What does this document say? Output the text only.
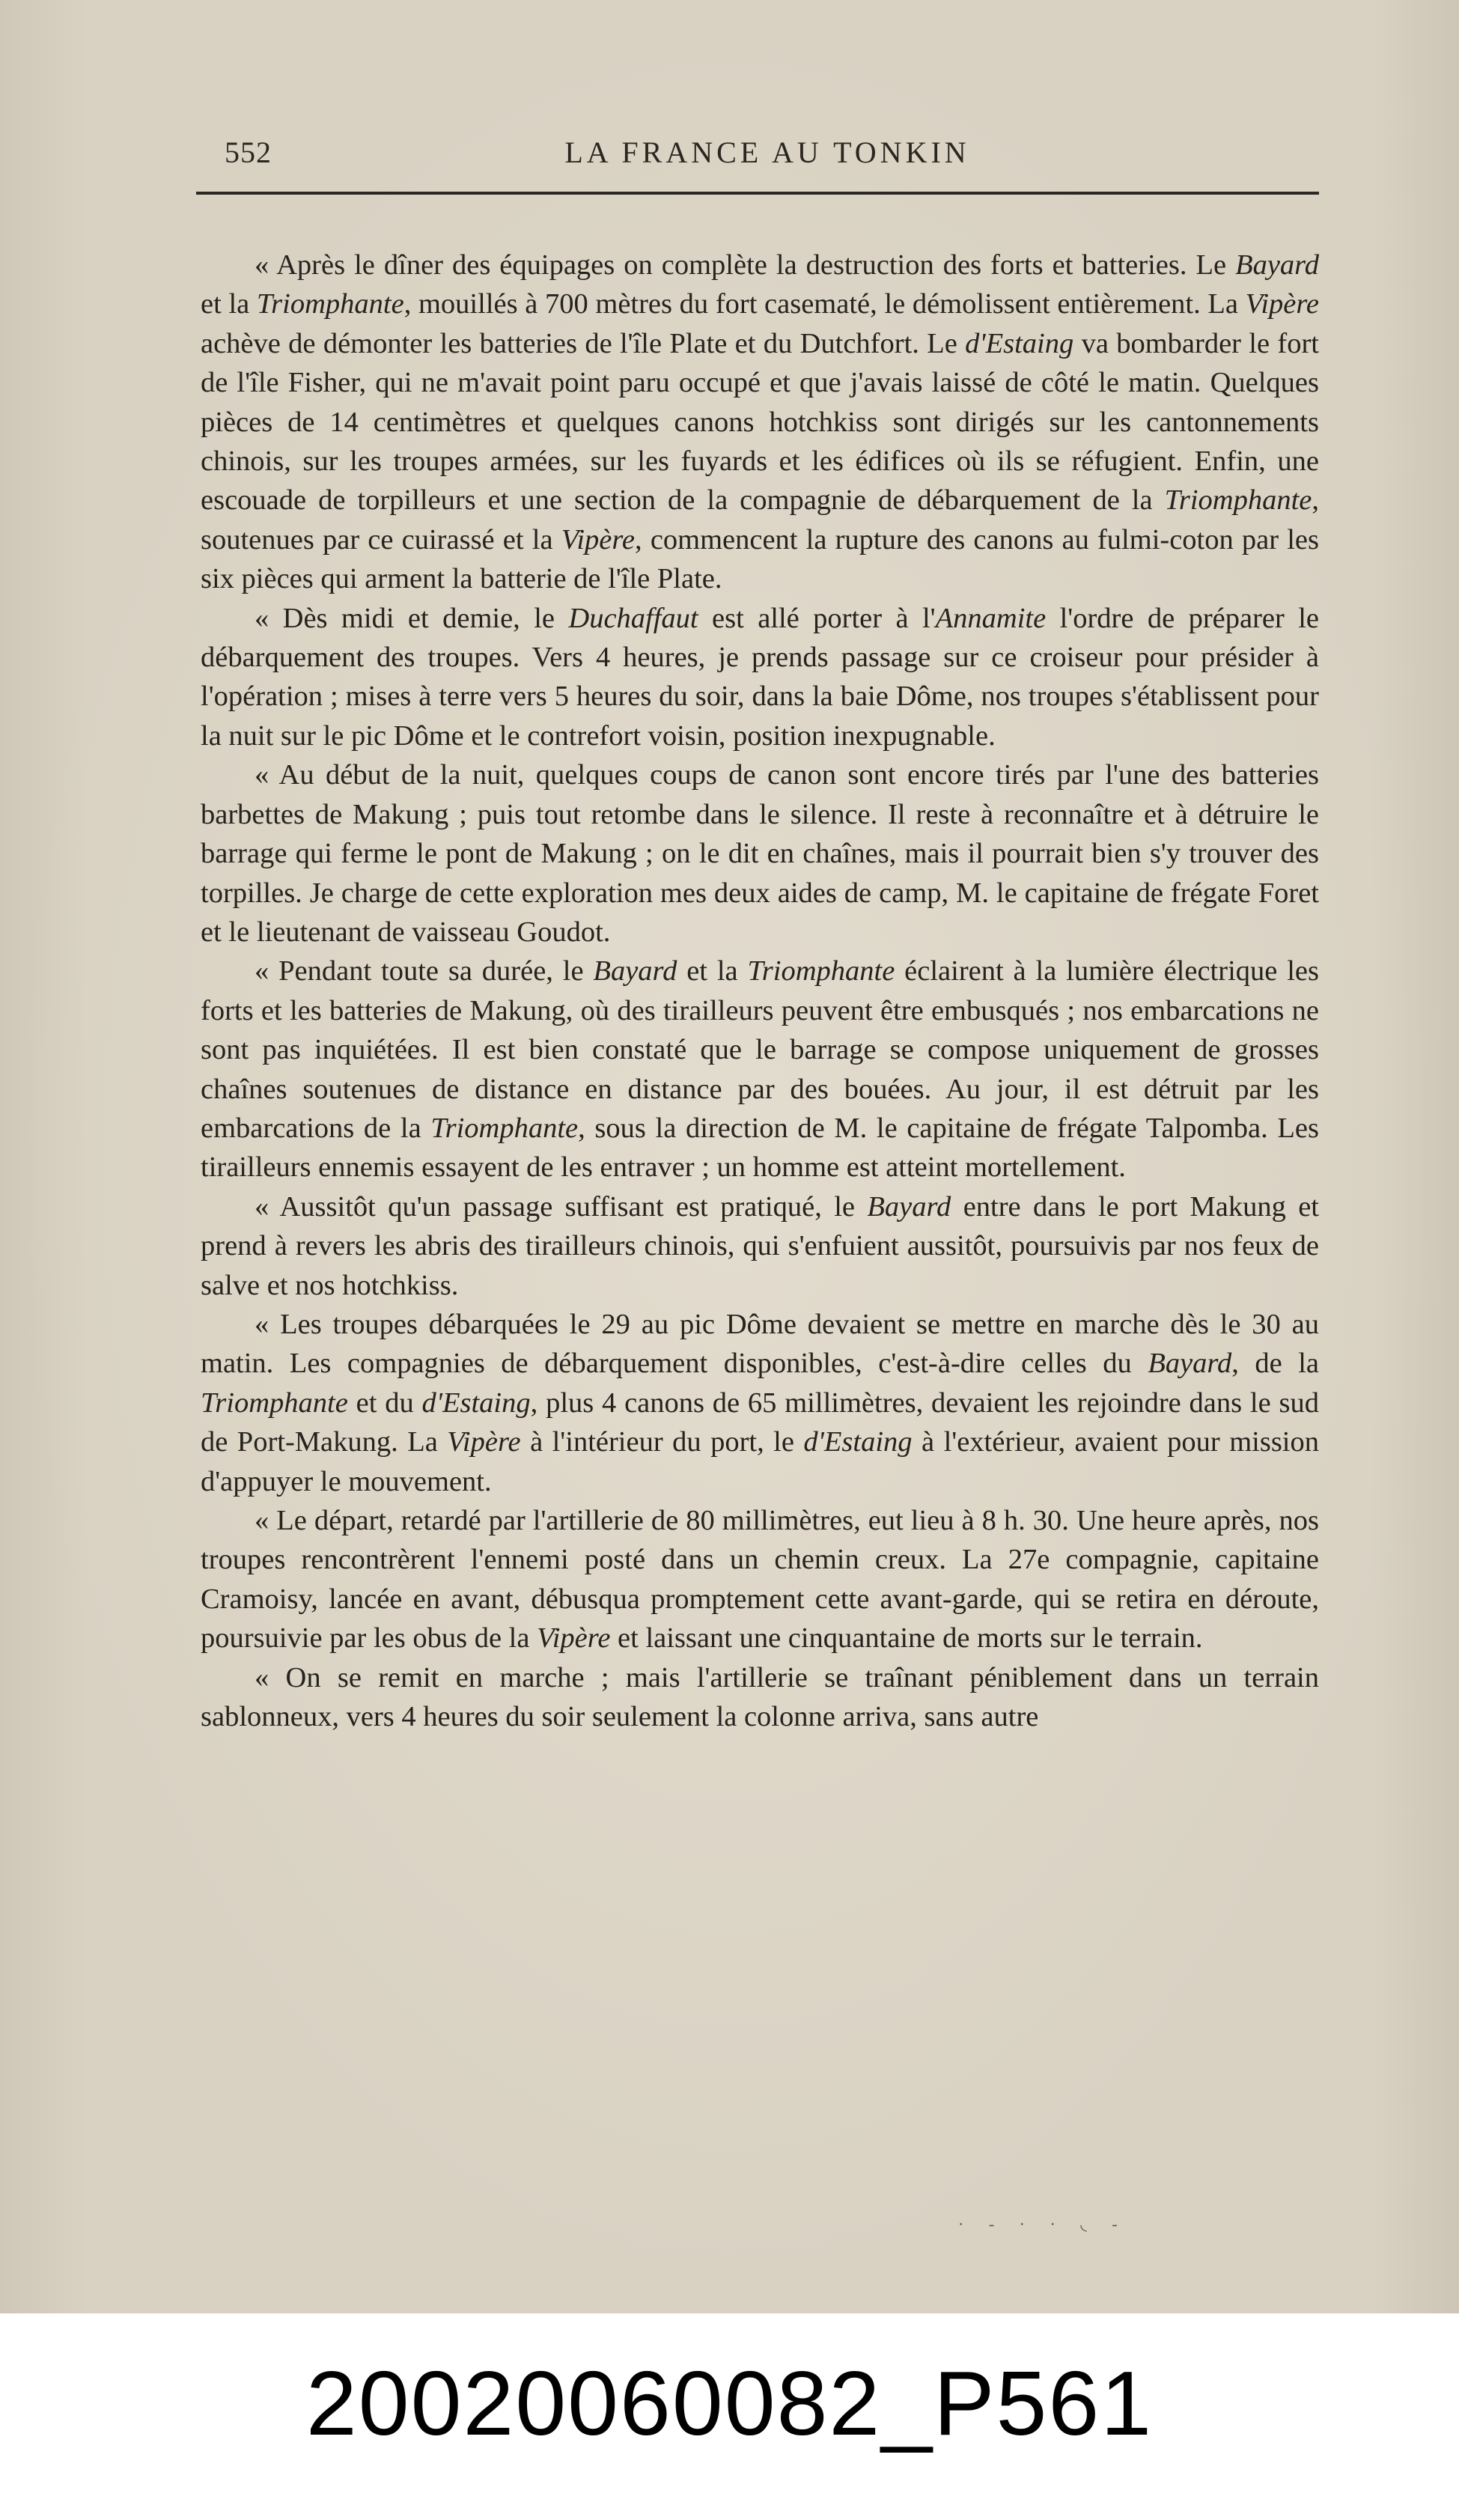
552	LA FRANCE AU TONKIN

« Après le dîner des équipages on complète la destruction des forts et batteries. Le Bayard et la Triomphante, mouillés à 700 mètres du fort casematé, le démolissent entièrement. La Vipère achève de démonter les batteries de l'île Plate et du Dutchfort. Le d'Estaing va bombarder le fort de l'île Fisher, qui ne m'avait point paru occupé et que j'avais laissé de côté le matin. Quelques pièces de 14 centimètres et quelques canons hotchkiss sont dirigés sur les cantonnements chinois, sur les troupes armées, sur les fuyards et les édifices où ils se réfugient. Enfin, une escouade de torpilleurs et une section de la compagnie de débarquement de la Triomphante, soutenues par ce cuirassé et la Vipère, commencent la rupture des canons au fulmi-coton par les six pièces qui arment la batterie de l'île Plate.

« Dès midi et demie, le Duchaffaut est allé porter à l'Annamite l'ordre de préparer le débarquement des troupes. Vers 4 heures, je prends passage sur ce croiseur pour présider à l'opération ; mises à terre vers 5 heures du soir, dans la baie Dôme, nos troupes s'établissent pour la nuit sur le pic Dôme et le contrefort voisin, position inexpugnable.

« Au début de la nuit, quelques coups de canon sont encore tirés par l'une des batteries barbettes de Makung ; puis tout retombe dans le silence. Il reste à reconnaître et à détruire le barrage qui ferme le pont de Makung ; on le dit en chaînes, mais il pourrait bien s'y trouver des torpilles. Je charge de cette exploration mes deux aides de camp, M. le capitaine de frégate Foret et le lieutenant de vaisseau Goudot.

« Pendant toute sa durée, le Bayard et la Triomphante éclairent à la lumière électrique les forts et les batteries de Makung, où des tirailleurs peuvent être embusqués ; nos embarcations ne sont pas inquiétées. Il est bien constaté que le barrage se compose uniquement de grosses chaînes soutenues de distance en distance par des bouées. Au jour, il est détruit par les embarcations de la Triomphante, sous la direction de M. le capitaine de frégate Talpomba. Les tirailleurs ennemis essayent de les entraver ; un homme est atteint mortellement.

« Aussitôt qu'un passage suffisant est pratiqué, le Bayard entre dans le port Makung et prend à revers les abris des tirailleurs chinois, qui s'enfuient aussitôt, poursuivis par nos feux de salve et nos hotchkiss.

« Les troupes débarquées le 29 au pic Dôme devaient se mettre en marche dès le 30 au matin. Les compagnies de débarquement disponibles, c'est-à-dire celles du Bayard, de la Triomphante et du d'Estaing, plus 4 canons de 65 millimètres, devaient les rejoindre dans le sud de Port-Makung. La Vipère à l'intérieur du port, le d'Estaing à l'extérieur, avaient pour mission d'appuyer le mouvement.

« Le départ, retardé par l'artillerie de 80 millimètres, eut lieu à 8 h. 30. Une heure après, nos troupes rencontrèrent l'ennemi posté dans un chemin creux. La 27e compagnie, capitaine Cramoisy, lancée en avant, débusqua promptement cette avant-garde, qui se retira en déroute, poursuivie par les obus de la Vipère et laissant une cinquantaine de morts sur le terrain.

« On se remit en marche ; mais l'artillerie se traînant péniblement dans un terrain sablonneux, vers 4 heures du soir seulement la colonne arriva, sans autre

· ‐ · · ◟ ‐
20020060082_P561
